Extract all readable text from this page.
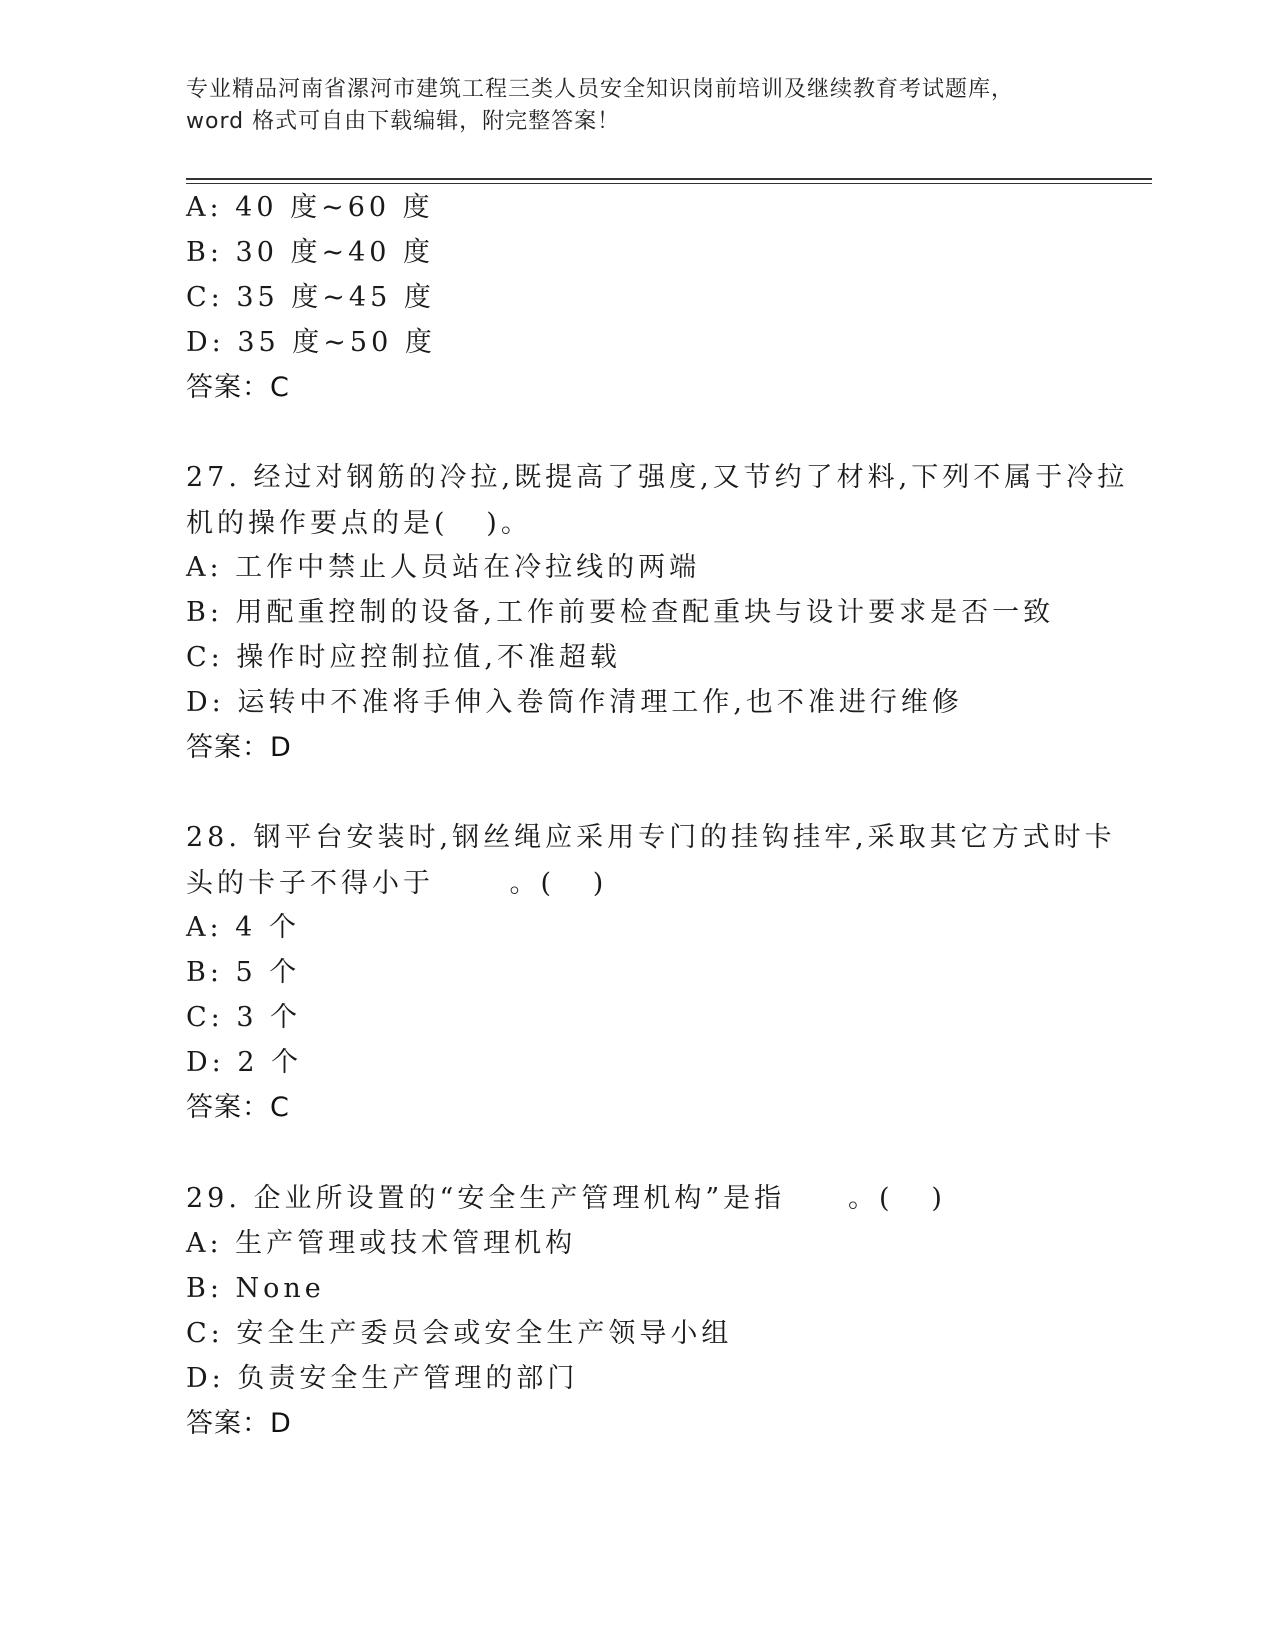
专业精品河南省漯河市建筑工程三类人员安全知识岗前培训及继续教育考试题库，
word 格式可自由下载编辑，附完整答案！
A: 40 度~60 度
B: 30 度~40 度
C: 35 度~45 度
D: 35 度~50 度
答案：C
27. 经过对钢筋的冷拉,既提高了强度,又节约了材料,下列不属于冷拉
机的操作要点的是(   )。
A: 工作中禁止人员站在冷拉线的两端
B: 用配重控制的设备,工作前要检查配重块与设计要求是否一致
C: 操作时应控制拉值,不准超载
D: 运转中不准将手伸入卷筒作清理工作,也不准进行维修
答案：D
28. 钢平台安装时,钢丝绳应采用专门的挂钩挂牢,采取其它方式时卡
头的卡子不得小于      。(   )
A: 4 个
B: 5 个
C: 3 个
D: 2 个
答案：C
29. 企业所设置的“安全生产管理机构”是指     。(   )
A: 生产管理或技术管理机构
B: None
C: 安全生产委员会或安全生产领导小组
D: 负责安全生产管理的部门
答案：D
